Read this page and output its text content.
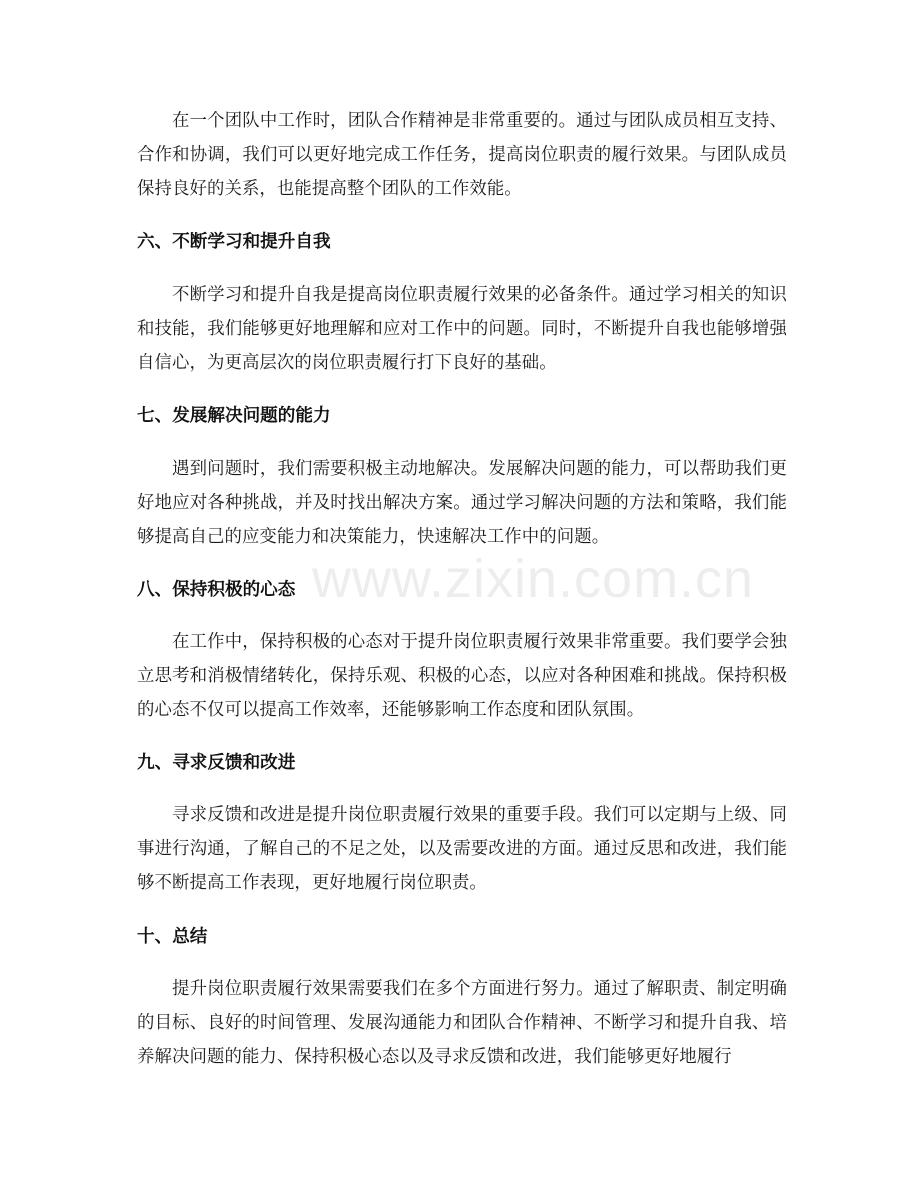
在一个团队中工作时，团队合作精神是非常重要的。通过与团队成员相互支持、合作和协调，我们可以更好地完成工作任务，提高岗位职责的履行效果。与团队成员保持良好的关系，也能提高整个团队的工作效能。

六、不断学习和提升自我

不断学习和提升自我是提高岗位职责履行效果的必备条件。通过学习相关的知识和技能，我们能够更好地理解和应对工作中的问题。同时，不断提升自我也能够增强自信心，为更高层次的岗位职责履行打下良好的基础。

七、发展解决问题的能力

遇到问题时，我们需要积极主动地解决。发展解决问题的能力，可以帮助我们更好地应对各种挑战，并及时找出解决方案。通过学习解决问题的方法和策略，我们能够提高自己的应变能力和决策能力，快速解决工作中的问题。

八、保持积极的心态

在工作中，保持积极的心态对于提升岗位职责履行效果非常重要。我们要学会独立思考和消极情绪转化，保持乐观、积极的心态，以应对各种困难和挑战。保持积极的心态不仅可以提高工作效率，还能够影响工作态度和团队氛围。

九、寻求反馈和改进

寻求反馈和改进是提升岗位职责履行效果的重要手段。我们可以定期与上级、同事进行沟通，了解自己的不足之处，以及需要改进的方面。通过反思和改进，我们能够不断提高工作表现，更好地履行岗位职责。

十、总结

提升岗位职责履行效果需要我们在多个方面进行努力。通过了解职责、制定明确的目标、良好的时间管理、发展沟通能力和团队合作精神、不断学习和提升自我、培养解决问题的能力、保持积极心态以及寻求反馈和改进，我们能够更好地履行

www.zixin.com.cn
